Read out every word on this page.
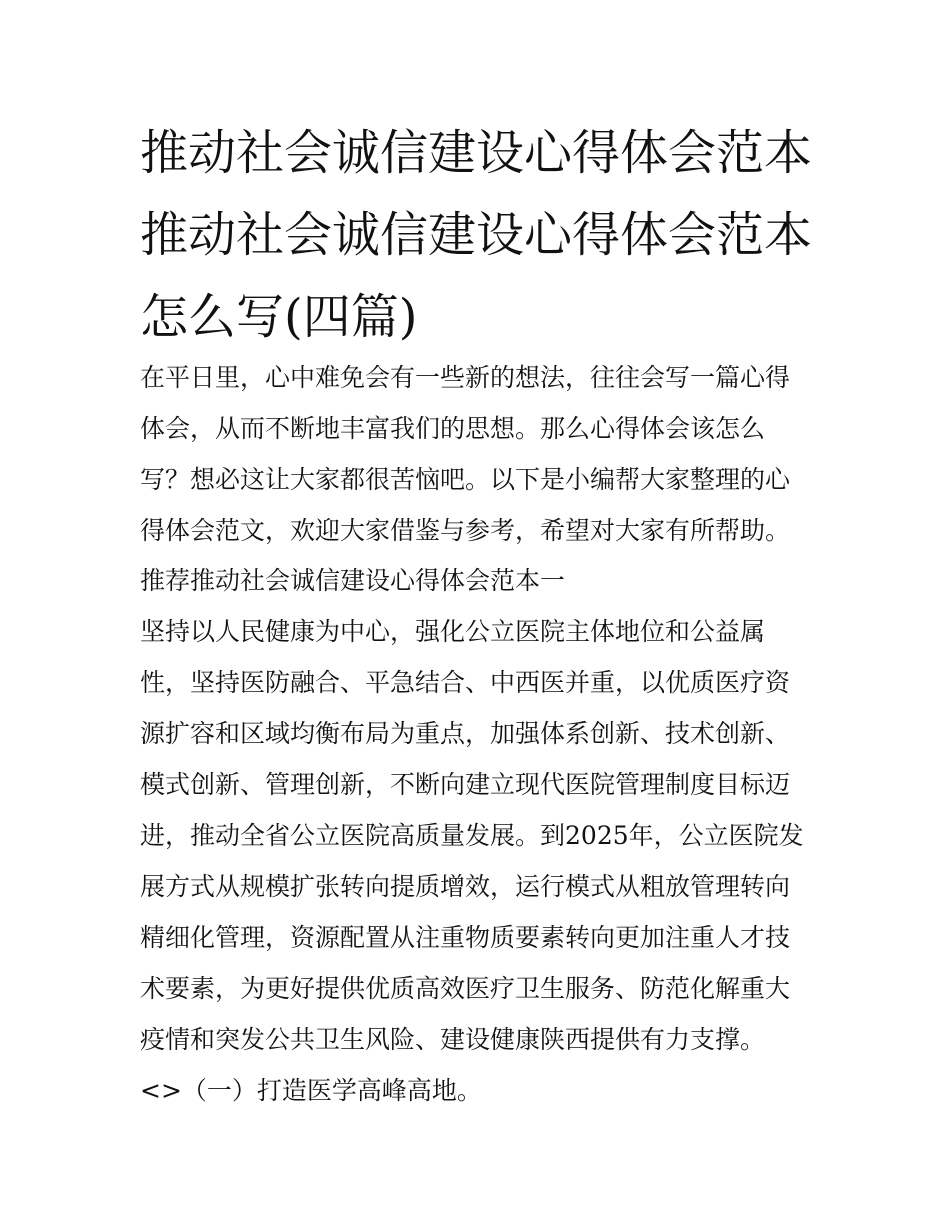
推动社会诚信建设心得体会范本 推动社会诚信建设心得体会范本怎么写(四篇)

在平日里，心中难免会有一些新的想法，往往会写一篇心得体会，从而不断地丰富我们的思想。那么心得体会该怎么写？想必这让大家都很苦恼吧。以下是小编帮大家整理的心得体会范文，欢迎大家借鉴与参考，希望对大家有所帮助。

推荐推动社会诚信建设心得体会范本一

坚持以人民健康为中心，强化公立医院主体地位和公益属性，坚持医防融合、平急结合、中西医并重，以优质医疗资源扩容和区域均衡布局为重点，加强体系创新、技术创新、模式创新、管理创新，不断向建立现代医院管理制度目标迈进，推动全省公立医院高质量发展。到2025年，公立医院发展方式从规模扩张转向提质增效，运行模式从粗放管理转向精细化管理，资源配置从注重物质要素转向更加注重人才技术要素，为更好提供优质高效医疗卫生服务、防范化解重大疫情和突发公共卫生风险、建设健康陕西提供有力支撑。

<>（一）打造医学高峰高地。
